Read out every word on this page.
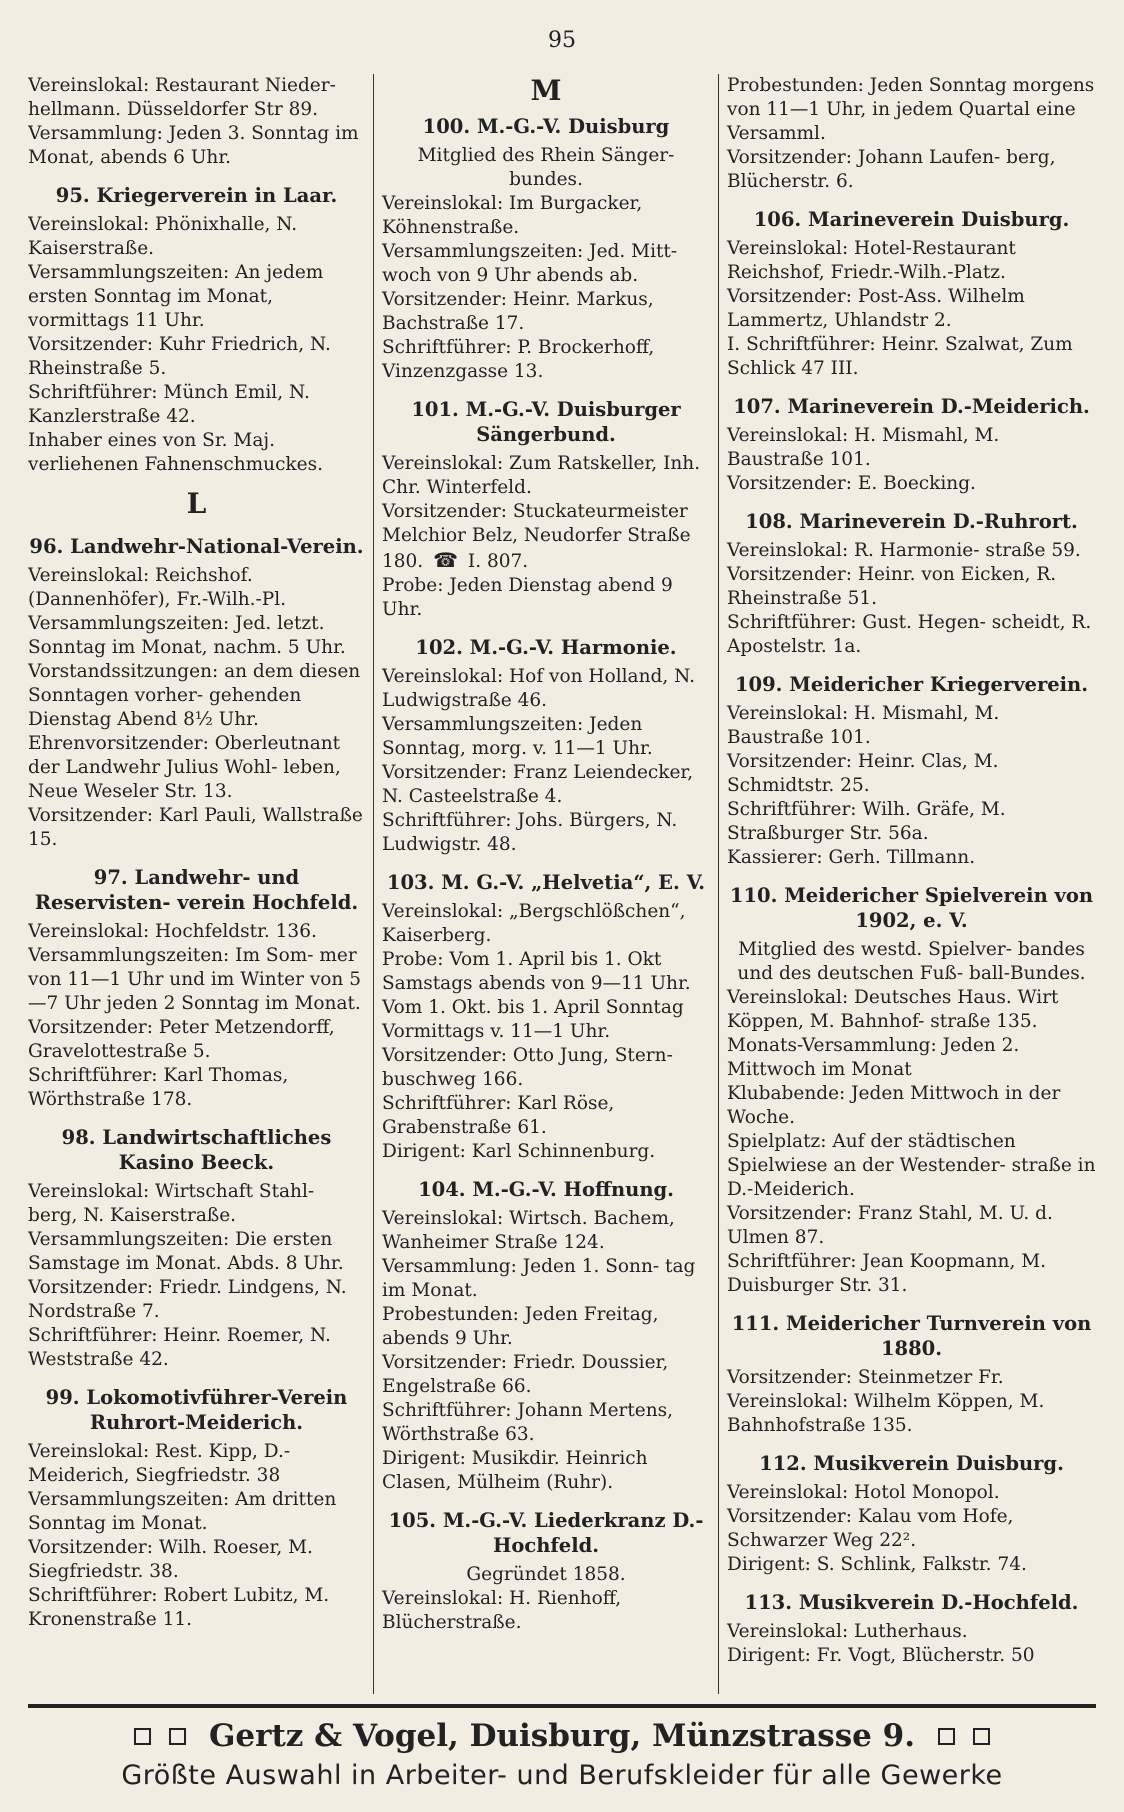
95

Vereinslokal: Restaurant Nieder- hellmann. Düsseldorfer Str 89.

Versammlung: Jeden 3. Sonntag im Monat, abends 6 Uhr.

95. Kriegerverein in Laar.

Vereinslokal: Phönixhalle, N. Kaiserstraße.

Versammlungszeiten: An jedem ersten Sonntag im Monat, vormittags 11 Uhr.

Vorsitzender: Kuhr Friedrich, N. Rheinstraße 5.

Schriftführer: Münch Emil, N. Kanzlerstraße 42.

Inhaber eines von Sr. Maj. verliehenen Fahnenschmuckes.

L
96. Landwehr-National-Verein.

Vereinslokal: Reichshof. (Dannenhöfer), Fr.-Wilh.-Pl.

Versammlungszeiten: Jed. letzt. Sonntag im Monat, nachm. 5 Uhr. Vorstandssitzungen: an dem diesen Sonntagen vorher- gehenden Dienstag Abend 8½ Uhr.

Ehrenvorsitzender: Oberleutnant der Landwehr Julius Wohl- leben, Neue Weseler Str. 13.

Vorsitzender: Karl Pauli, Wallstraße 15.

97. Landwehr- und Reservisten- verein Hochfeld.

Vereinslokal: Hochfeldstr. 136.

Versammlungszeiten: Im Som- mer von 11—1 Uhr und im Winter von 5—7 Uhr jeden 2 Sonntag im Monat.

Vorsitzender: Peter Metzendorff, Gravelottestraße 5.

Schriftführer: Karl Thomas, Wörthstraße 178.

98. Landwirtschaftliches Kasino Beeck.

Vereinslokal: Wirtschaft Stahl- berg, N. Kaiserstraße.

Versammlungszeiten: Die ersten Samstage im Monat. Abds. 8 Uhr.

Vorsitzender: Friedr. Lindgens, N. Nordstraße 7.

Schriftführer: Heinr. Roemer, N. Weststraße 42.

99. Lokomotivführer-Verein Ruhrort-Meiderich.

Vereinslokal: Rest. Kipp, D.- Meiderich, Siegfriedstr. 38

Versammlungszeiten: Am dritten Sonntag im Monat.

Vorsitzender: Wilh. Roeser, M. Siegfriedstr. 38.

Schriftführer: Robert Lubitz, M. Kronenstraße 11.

M
100. M.-G.-V. Duisburg
Mitglied des Rhein Sänger- bundes.

Vereinslokal: Im Burgacker, Köhnenstraße.

Versammlungszeiten: Jed. Mitt- woch von 9 Uhr abends ab.

Vorsitzender: Heinr. Markus, Bachstraße 17.

Schriftführer: P. Brockerhoff, Vinzenzgasse 13.

101. M.-G.-V. Duisburger Sängerbund.

Vereinslokal: Zum Ratskeller, Inh. Chr. Winterfeld.

Vorsitzender: Stuckateurmeister Melchior Belz, Neudorfer Straße 180. ☎ I. 807.

Probe: Jeden Dienstag abend 9 Uhr.

102. M.-G.-V. Harmonie.

Vereinslokal: Hof von Holland, N. Ludwigstraße 46.

Versammlungszeiten: Jeden Sonntag, morg. v. 11—1 Uhr.

Vorsitzender: Franz Leiendecker, N. Casteelstraße 4.

Schriftführer: Johs. Bürgers, N. Ludwigstr. 48.

103. M. G.-V. „Helvetia“, E. V.

Vereinslokal: „Bergschlößchen“, Kaiserberg.

Probe: Vom 1. April bis 1. Okt Samstags abends von 9—11 Uhr. Vom 1. Okt. bis 1. April Sonntag Vormittags v. 11—1 Uhr.

Vorsitzender: Otto Jung, Stern- buschweg 166.

Schriftführer: Karl Röse, Grabenstraße 61.

Dirigent: Karl Schinnenburg.

104. M.-G.-V. Hoffnung.

Vereinslokal: Wirtsch. Bachem, Wanheimer Straße 124.

Versammlung: Jeden 1. Sonn- tag im Monat.

Probestunden: Jeden Freitag, abends 9 Uhr.

Vorsitzender: Friedr. Doussier, Engelstraße 66.

Schriftführer: Johann Mertens, Wörthstraße 63.

Dirigent: Musikdir. Heinrich Clasen, Mülheim (Ruhr).

105. M.-G.-V. Liederkranz D.-Hochfeld.
Gegründet 1858.

Vereinslokal: H. Rienhoff, Blücherstraße.

Probestunden: Jeden Sonntag morgens von 11—1 Uhr, in jedem Quartal eine Versamml.

Vorsitzender: Johann Laufen- berg, Blücherstr. 6.

106. Marineverein Duisburg.

Vereinslokal: Hotel-Restaurant Reichshof, Friedr.-Wilh.-Platz.

Vorsitzender: Post-Ass. Wilhelm Lammertz, Uhlandstr 2.

I. Schriftführer: Heinr. Szalwat, Zum Schlick 47 III.

107. Marineverein D.-Meiderich.

Vereinslokal: H. Mismahl, M. Baustraße 101.

Vorsitzender: E. Boecking.

108. Marineverein D.-Ruhrort.

Vereinslokal: R. Harmonie- straße 59.

Vorsitzender: Heinr. von Eicken, R. Rheinstraße 51.

Schriftführer: Gust. Hegen- scheidt, R. Apostelstr. 1a.

109. Meidericher Kriegerverein.

Vereinslokal: H. Mismahl, M. Baustraße 101.

Vorsitzender: Heinr. Clas, M. Schmidtstr. 25.

Schriftführer: Wilh. Gräfe, M. Straßburger Str. 56a.

Kassierer: Gerh. Tillmann.

110. Meidericher Spielverein von 1902, e. V.
Mitglied des westd. Spielver- bandes und des deutschen Fuß- ball-Bundes.

Vereinslokal: Deutsches Haus. Wirt Köppen, M. Bahnhof- straße 135.

Monats-Versammlung: Jeden 2. Mittwoch im Monat

Klubabende: Jeden Mittwoch in der Woche.

Spielplatz: Auf der städtischen Spielwiese an der Westender- straße in D.-Meiderich.

Vorsitzender: Franz Stahl, M. U. d. Ulmen 87.

Schriftführer: Jean Koopmann, M. Duisburger Str. 31.

111. Meidericher Turnverein von 1880.

Vorsitzender: Steinmetzer Fr.

Vereinslokal: Wilhelm Köppen, M. Bahnhofstraße 135.

112. Musikverein Duisburg.

Vereinslokal: Hotol Monopol.

Vorsitzender: Kalau vom Hofe, Schwarzer Weg 22².

Dirigent: S. Schlink, Falkstr. 74.

113. Musikverein D.-Hochfeld.

Vereinslokal: Lutherhaus.

Dirigent: Fr. Vogt, Blücherstr. 50

Gertz & Vogel, Duisburg, Münzstrasse 9.
Größte Auswahl in Arbeiter- und Berufskleider für alle Gewerke
